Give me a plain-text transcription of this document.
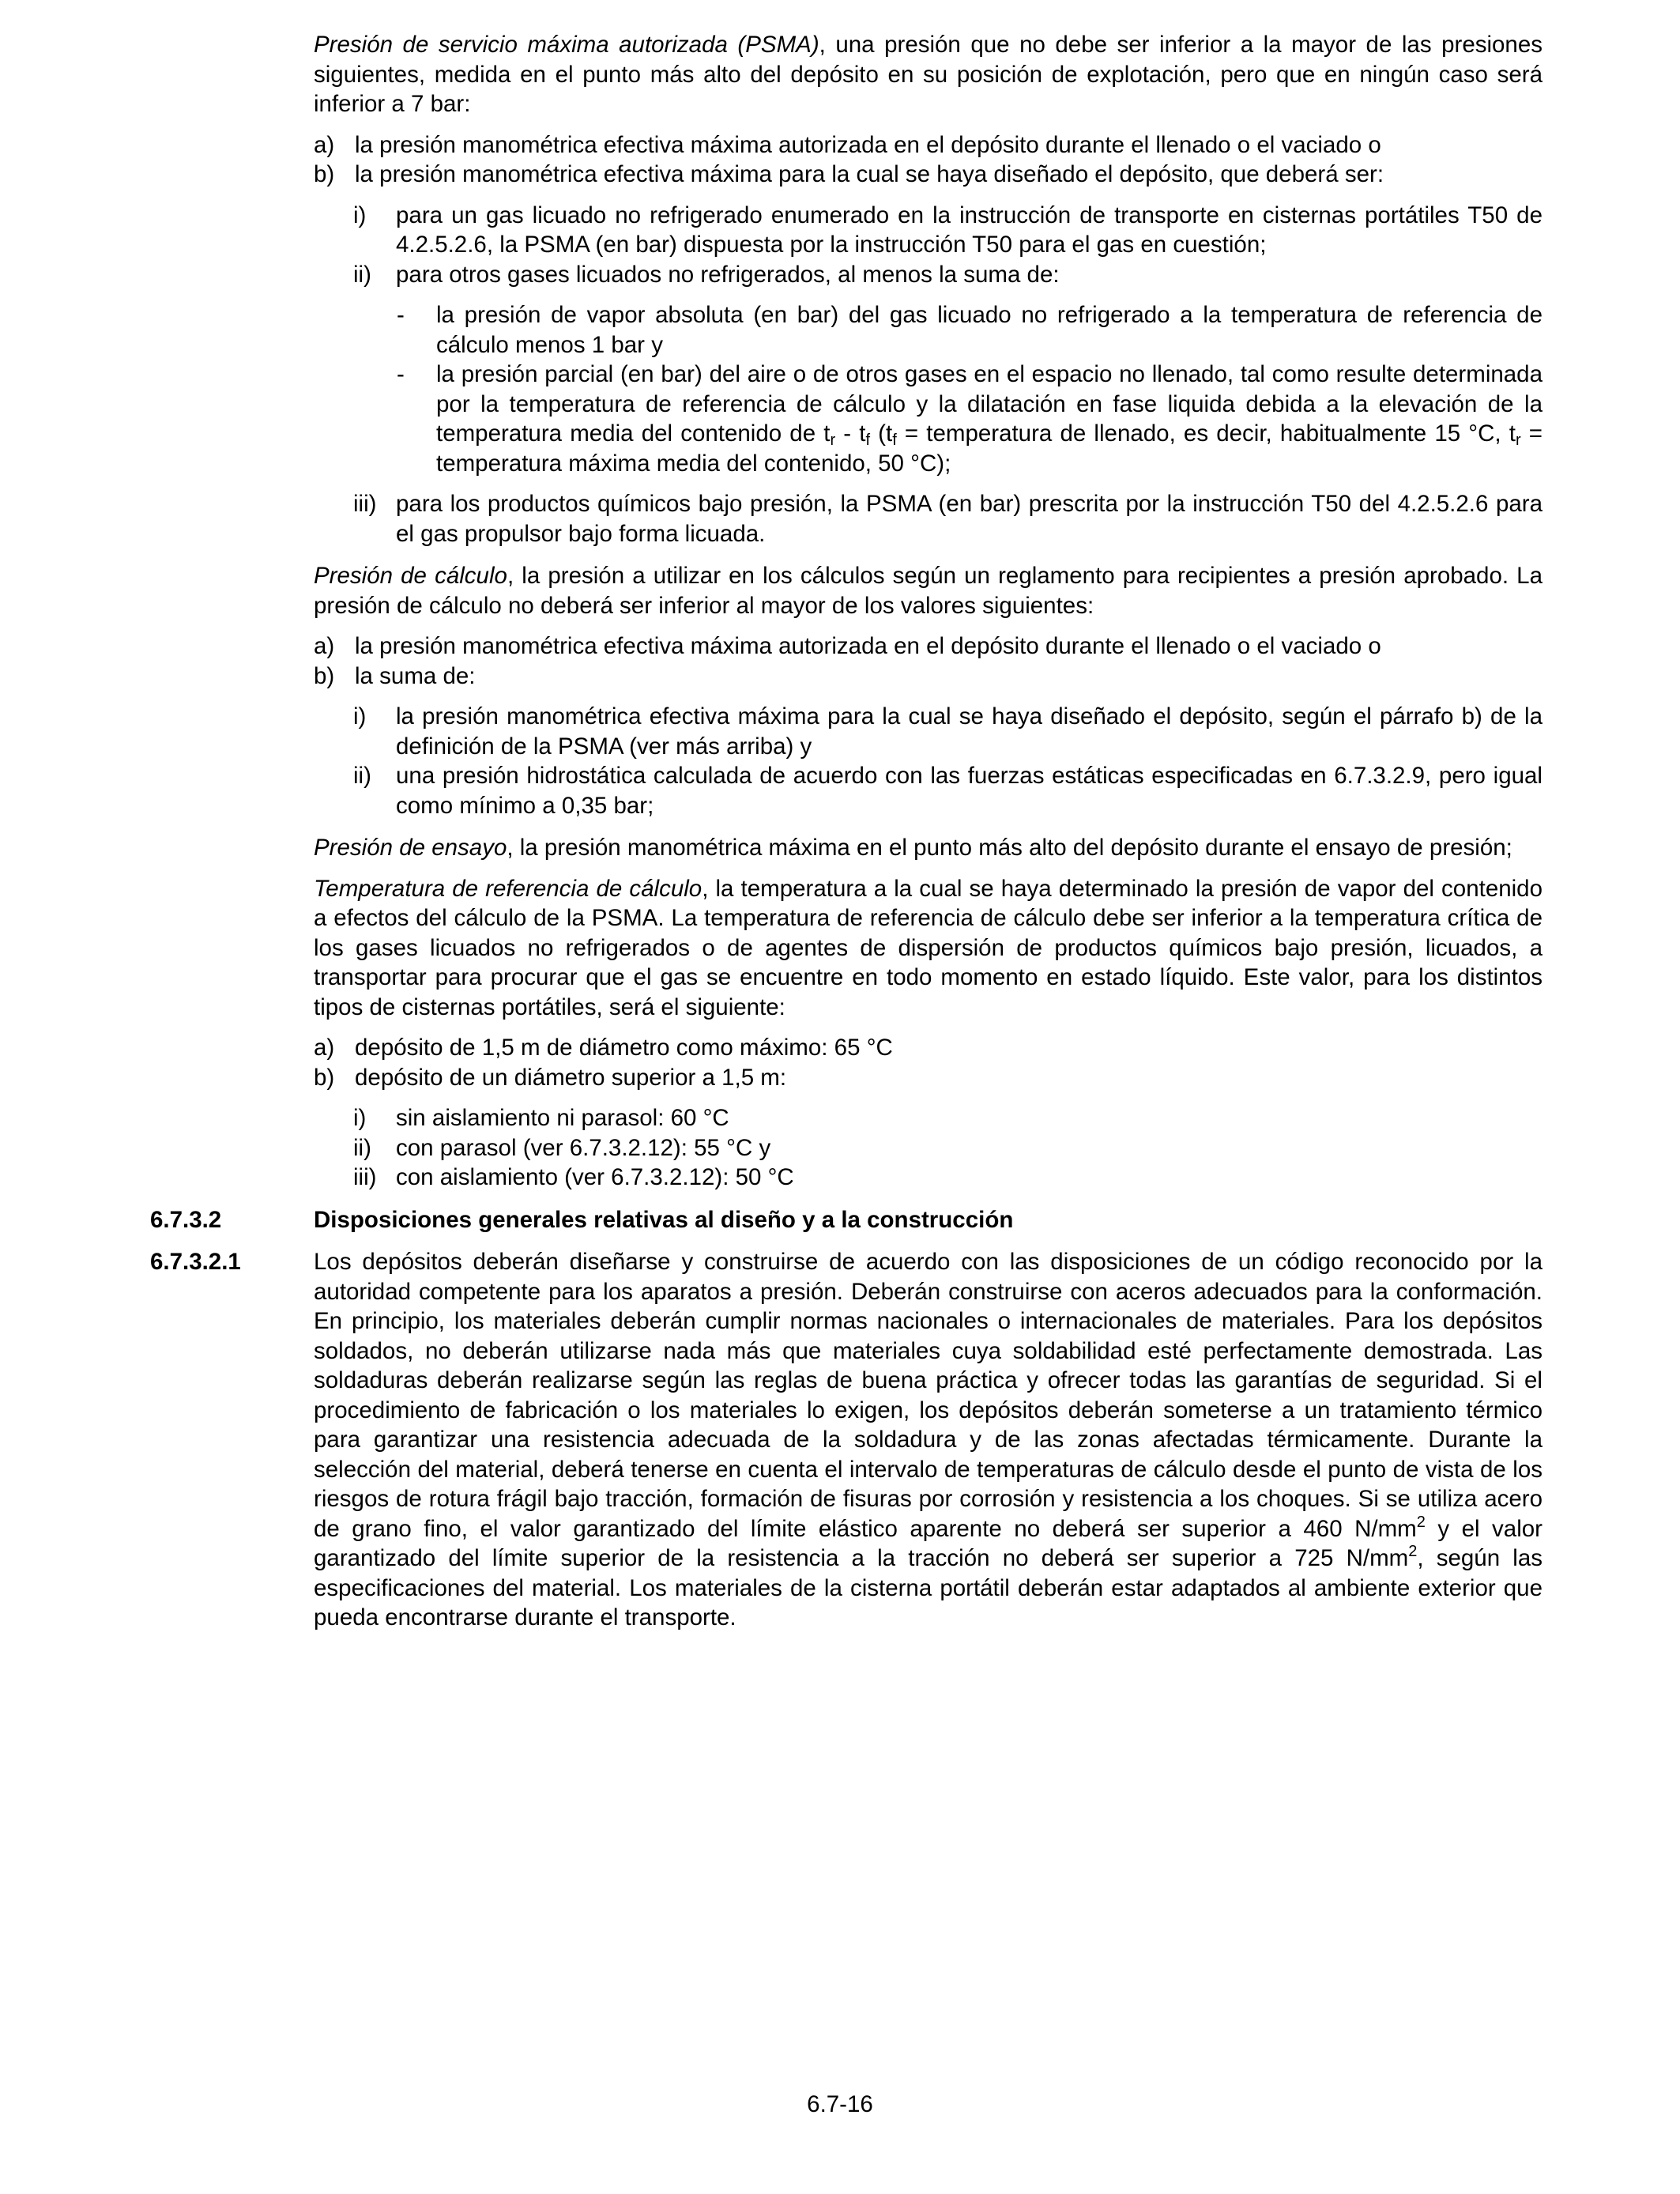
Presión de servicio máxima autorizada (PSMA), una presión que no debe ser inferior a la mayor de las presiones siguientes, medida en el punto más alto del depósito en su posición de explotación, pero que en ningún caso será inferior a 7 bar:

a) la presión manométrica efectiva máxima autorizada en el depósito durante el llenado o el vaciado o
b) la presión manométrica efectiva máxima para la cual se haya diseñado el depósito, que deberá ser:
i) para un gas licuado no refrigerado enumerado en la instrucción de transporte en cisternas portátiles T50 de 4.2.5.2.6, la PSMA (en bar) dispuesta por la instrucción T50 para el gas en cuestión;
ii) para otros gases licuados no refrigerados, al menos la suma de:
- la presión de vapor absoluta (en bar) del gas licuado no refrigerado a la temperatura de referencia de cálculo menos 1 bar y
- la presión parcial (en bar) del aire o de otros gases en el espacio no llenado, tal como resulte determinada por la temperatura de referencia de cálculo y la dilatación en fase liquida debida a la elevación de la temperatura media del contenido de $t_r - t_f$ ($t_f$ = temperatura de llenado, es decir, habitualmente 15 °C, $t_r$ = temperatura máxima media del contenido, 50 °C);
iii) para los productos químicos bajo presión, la PSMA (en bar) prescrita por la instrucción T50 del 4.2.5.2.6 para el gas propulsor bajo forma licuada.

Presión de cálculo, la presión a utilizar en los cálculos según un reglamento para recipientes a presión aprobado. La presión de cálculo no deberá ser inferior al mayor de los valores siguientes:

a) la presión manométrica efectiva máxima autorizada en el depósito durante el llenado o el vaciado o
b) la suma de:
i) la presión manométrica efectiva máxima para la cual se haya diseñado el depósito, según el párrafo b) de la definición de la PSMA (ver más arriba) y
ii) una presión hidrostática calculada de acuerdo con las fuerzas estáticas especificadas en 6.7.3.2.9, pero igual como mínimo a 0,35 bar;

Presión de ensayo, la presión manométrica máxima en el punto más alto del depósito durante el ensayo de presión;

Temperatura de referencia de cálculo, la temperatura a la cual se haya determinado la presión de vapor del contenido a efectos del cálculo de la PSMA. La temperatura de referencia de cálculo debe ser inferior a la temperatura crítica de los gases licuados no refrigerados o de agentes de dispersión de productos químicos bajo presión, licuados, a transportar para procurar que el gas se encuentre en todo momento en estado líquido. Este valor, para los distintos tipos de cisternas portátiles, será el siguiente:

a) depósito de 1,5 m de diámetro como máximo: 65 °C
b) depósito de un diámetro superior a 1,5 m:
i) sin aislamiento ni parasol: 60 °C
ii) con parasol (ver 6.7.3.2.12): 55 °C y
iii) con aislamiento (ver 6.7.3.2.12): 50 °C
6.7.3.2	Disposiciones generales relativas al diseño y a la construcción
6.7.3.2.1	Los depósitos deberán diseñarse y construirse de acuerdo con las disposiciones de un código reconocido por la autoridad competente para los aparatos a presión. Deberán construirse con aceros adecuados para la conformación. En principio, los materiales deberán cumplir normas nacionales o internacionales de materiales. Para los depósitos soldados, no deberán utilizarse nada más que materiales cuya soldabilidad esté perfectamente demostrada. Las soldaduras deberán realizarse según las reglas de buena práctica y ofrecer todas las garantías de seguridad. Si el procedimiento de fabricación o los materiales lo exigen, los depósitos deberán someterse a un tratamiento térmico para garantizar una resistencia adecuada de la soldadura y de las zonas afectadas térmicamente. Durante la selección del material, deberá tenerse en cuenta el intervalo de temperaturas de cálculo desde el punto de vista de los riesgos de rotura frágil bajo tracción, formación de fisuras por corrosión y resistencia a los choques. Si se utiliza acero de grano fino, el valor garantizado del límite elástico aparente no deberá ser superior a 460 $N/mm^2$ y el valor garantizado del límite superior de la resistencia a la tracción no deberá ser superior a 725 $N/mm^2$, según las especificaciones del material. Los materiales de la cisterna portátil deberán estar adaptados al ambiente exterior que pueda encontrarse durante el transporte.
6.7-16
